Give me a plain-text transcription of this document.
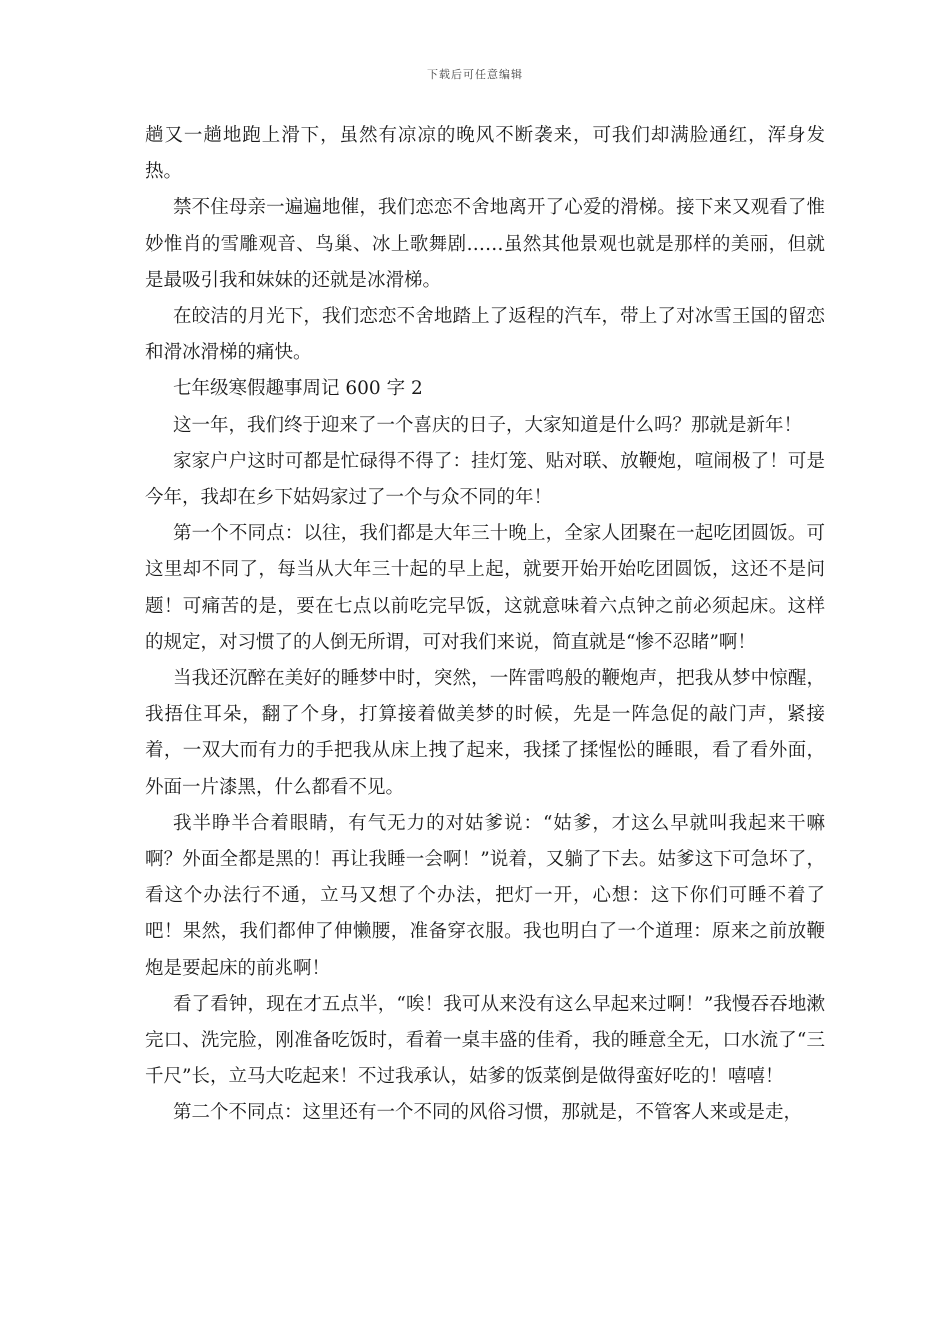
下载后可任意编辑

趟又一趟地跑上滑下，虽然有凉凉的晚风不断袭来，可我们却满脸通红，浑身发热。

禁不住母亲一遍遍地催，我们恋恋不舍地离开了心爱的滑梯。接下来又观看了惟妙惟肖的雪雕观音、鸟巢、冰上歌舞剧……虽然其他景观也就是那样的美丽，但就是最吸引我和妹妹的还就是冰滑梯。

在皎洁的月光下，我们恋恋不舍地踏上了返程的汽车，带上了对冰雪王国的留恋和滑冰滑梯的痛快。

七年级寒假趣事周记 600 字 2

这一年，我们终于迎来了一个喜庆的日子，大家知道是什么吗？那就是新年！

家家户户这时可都是忙碌得不得了：挂灯笼、贴对联、放鞭炮，喧闹极了！可是今年，我却在乡下姑妈家过了一个与众不同的年！

第一个不同点：以往，我们都是大年三十晚上，全家人团聚在一起吃团圆饭。可这里却不同了，每当从大年三十起的早上起，就要开始开始吃团圆饭，这还不是问题！可痛苦的是，要在七点以前吃完早饭，这就意味着六点钟之前必须起床。这样的规定，对习惯了的人倒无所谓，可对我们来说，简直就是“惨不忍睹”啊！

当我还沉醉在美好的睡梦中时，突然，一阵雷鸣般的鞭炮声，把我从梦中惊醒，我捂住耳朵，翻了个身，打算接着做美梦的时候，先是一阵急促的敲门声，紧接着，一双大而有力的手把我从床上拽了起来，我揉了揉惺忪的睡眼，看了看外面，外面一片漆黑，什么都看不见。

我半睁半合着眼睛，有气无力的对姑爹说：“姑爹，才这么早就叫我起来干嘛啊？外面全都是黑的！再让我睡一会啊！”说着，又躺了下去。姑爹这下可急坏了，看这个办法行不通，立马又想了个办法，把灯一开，心想：这下你们可睡不着了吧！果然，我们都伸了伸懒腰，准备穿衣服。我也明白了一个道理：原来之前放鞭炮是要起床的前兆啊！

看了看钟，现在才五点半，“唉！我可从来没有这么早起来过啊！”我慢吞吞地漱完口、洗完脸，刚准备吃饭时，看着一桌丰盛的佳肴，我的睡意全无，口水流了“三千尺”长，立马大吃起来！不过我承认，姑爹的饭菜倒是做得蛮好吃的！嘻嘻！

第二个不同点：这里还有一个不同的风俗习惯，那就是，不管客人来或是走，
